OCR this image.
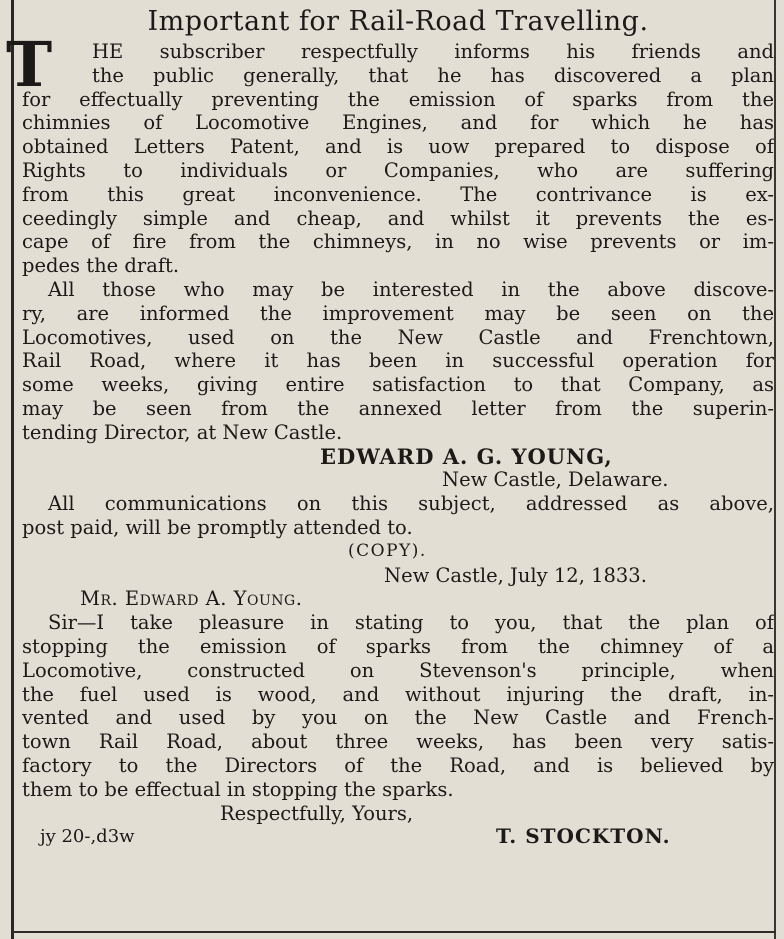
T
Important for Rail-Road Travelling.
HE subscriber respectfully informs his friends and
the public generally, that he has discovered a plan
for effectually preventing the emission of sparks from the
chimnies of Locomotive Engines, and for which he has
obtained Letters Patent, and is uow prepared to dispose of
Rights to individuals or Companies, who are suffering
from this great inconvenience. The contrivance is ex-
ceedingly simple and cheap, and whilst it prevents the es-
cape of fire from the chimneys, in no wise prevents or im-
pedes the draft.
All those who may be interested in the above discove-
ry, are informed the improvement may be seen on the
Locomotives, used on the New Castle and Frenchtown,
Rail Road, where it has been in successful operation for
some weeks, giving entire satisfaction to that Company, as
may be seen from the annexed letter from the superin-
tending Director, at New Castle.
EDWARD A. G. YOUNG,
New Castle, Delaware.
All communications on this subject, addressed as above,
post paid, will be promptly attended to.
(COPY).
New Castle, July 12, 1833.
Mr. Edward A. Young.
Sir—I take pleasure in stating to you, that the plan of
stopping the emission of sparks from the chimney of a
Locomotive, constructed on Stevenson's principle, when
the fuel used is wood, and without injuring the draft, in-
vented and used by you on the New Castle and French-
town Rail Road, about three weeks, has been very satis-
factory to the Directors of the Road, and is believed by
them to be effectual in stopping the sparks.
Respectfully, Yours,
jy 20-,d3w	T. STOCKTON.
